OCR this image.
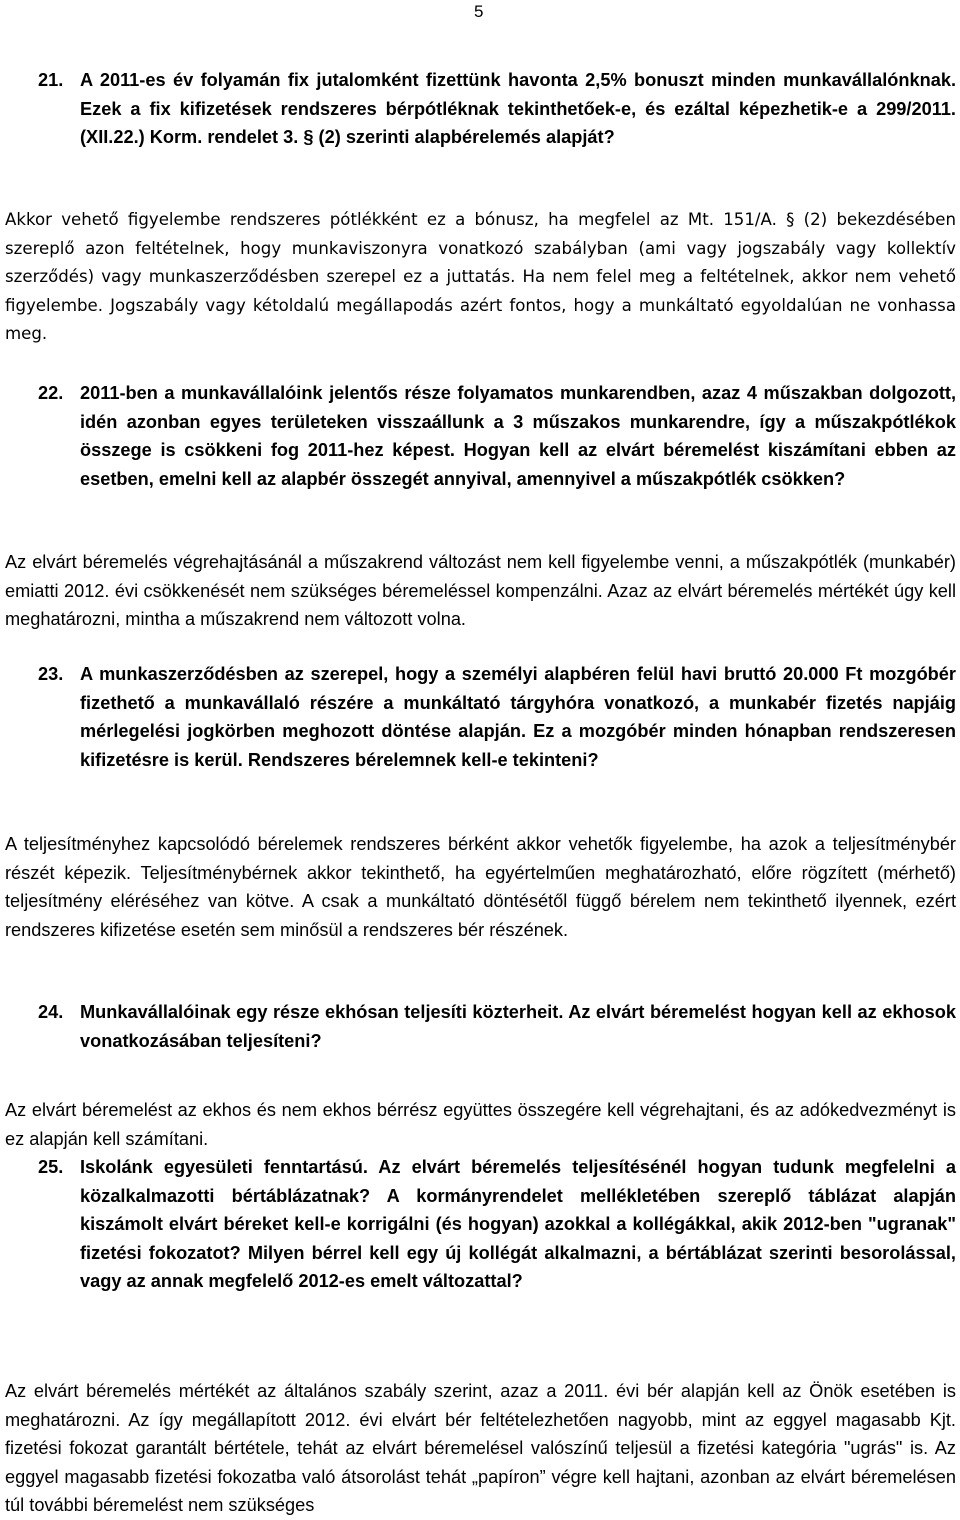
5
21. A 2011-es év folyamán fix jutalomként fizettünk havonta 2,5% bonuszt minden munkavállalónknak. Ezek a fix kifizetések rendszeres bérpótléknak tekinthetőek-e, és ezáltal képezhetik-e a 299/2011.(XII.22.) Korm. rendelet 3. § (2) szerinti alapbérelemés alapját?
Akkor vehető figyelembe rendszeres pótlékként ez a bónusz, ha megfelel az Mt. 151/A. § (2) bekezdésében szereplő azon feltételnek, hogy munkaviszonyra vonatkozó szabályban (ami vagy jogszabály vagy kollektív szerződés) vagy munkaszerződésben szerepel ez a juttatás. Ha nem felel meg a feltételnek, akkor nem vehető figyelembe. Jogszabály vagy kétoldalú megállapodás azért fontos, hogy a munkáltató egyoldalúan ne vonhassa meg.
22. 2011-ben a munkavállalóink jelentős része folyamatos munkarendben, azaz 4 műszakban dolgozott, idén azonban egyes területeken visszaállunk a 3 műszakos munkarendre, így a műszakpótlékok összege is csökkeni fog 2011-hez képest. Hogyan kell az elvárt béremelést kiszámítani ebben az esetben, emelni kell az alapbér összegét annyival, amennyivel a műszakpótlék csökken?
Az elvárt béremelés végrehajtásánál a műszakrend változást nem kell figyelembe venni, a műszakpótlék (munkabér) emiatti 2012. évi csökkenését nem szükséges béremeléssel kompenzálni. Azaz az elvárt béremelés mértékét úgy kell meghatározni, mintha a műszakrend nem változott volna.
23. A munkaszerződésben az szerepel, hogy a személyi alapbéren felül havi bruttó 20.000 Ft mozgóbér fizethető a munkavállaló részére a munkáltató tárgyhóra vonatkozó, a munkabér fizetés napjáig mérlegelési jogkörben meghozott döntése alapján. Ez a mozgóbér minden hónapban rendszeresen kifizetésre is kerül. Rendszeres bérelemnek kell-e tekinteni?
A teljesítményhez kapcsolódó bérelemek rendszeres bérként akkor vehetők figyelembe, ha azok a teljesítménybér részét képezik. Teljesítménybérnek akkor tekinthető, ha egyértelműen meghatározható, előre rögzített (mérhető) teljesítmény eléréséhez van kötve. A csak a munkáltató döntésétől függő bérelem nem tekinthető ilyennek, ezért rendszeres kifizetése esetén sem minősül a rendszeres bér részének.
24. Munkavállalóinak egy része ekhósan teljesíti közterheit. Az elvárt béremelést hogyan kell az ekhosok vonatkozásában teljesíteni?
Az elvárt béremelést az ekhos és nem ekhos bérrész együttes összegére kell végrehajtani, és az adókedvezményt is ez alapján kell számítani.
25. Iskolánk egyesületi fenntartású. Az elvárt béremelés teljesítésénél hogyan tudunk megfelelni a közalkalmazotti bértáblázatnak? A kormányrendelet mellékletében szereplő táblázat alapján kiszámolt elvárt béreket kell-e korrigálni (és hogyan) azokkal a kollégákkal, akik 2012-ben "ugranak" fizetési fokozatot? Milyen bérrel kell egy új kollégát alkalmazni, a bértáblázat szerinti besorolással, vagy az annak megfelelő 2012-es emelt változattal?
Az elvárt béremelés mértékét az általános szabály szerint, azaz a 2011. évi bér alapján kell az Önök esetében is meghatározni. Az így megállapított 2012. évi elvárt bér feltételezhetően nagyobb, mint az eggyel magasabb Kjt. fizetési fokozat garantált bértétele, tehát az elvárt béremelésel valószínű teljesül a fizetési kategória "ugrás" is. Az eggyel magasabb fizetési fokozatba való átsorolást tehát „papíron” végre kell hajtani, azonban az elvárt béremelésen túl további béremelést nem szükséges
